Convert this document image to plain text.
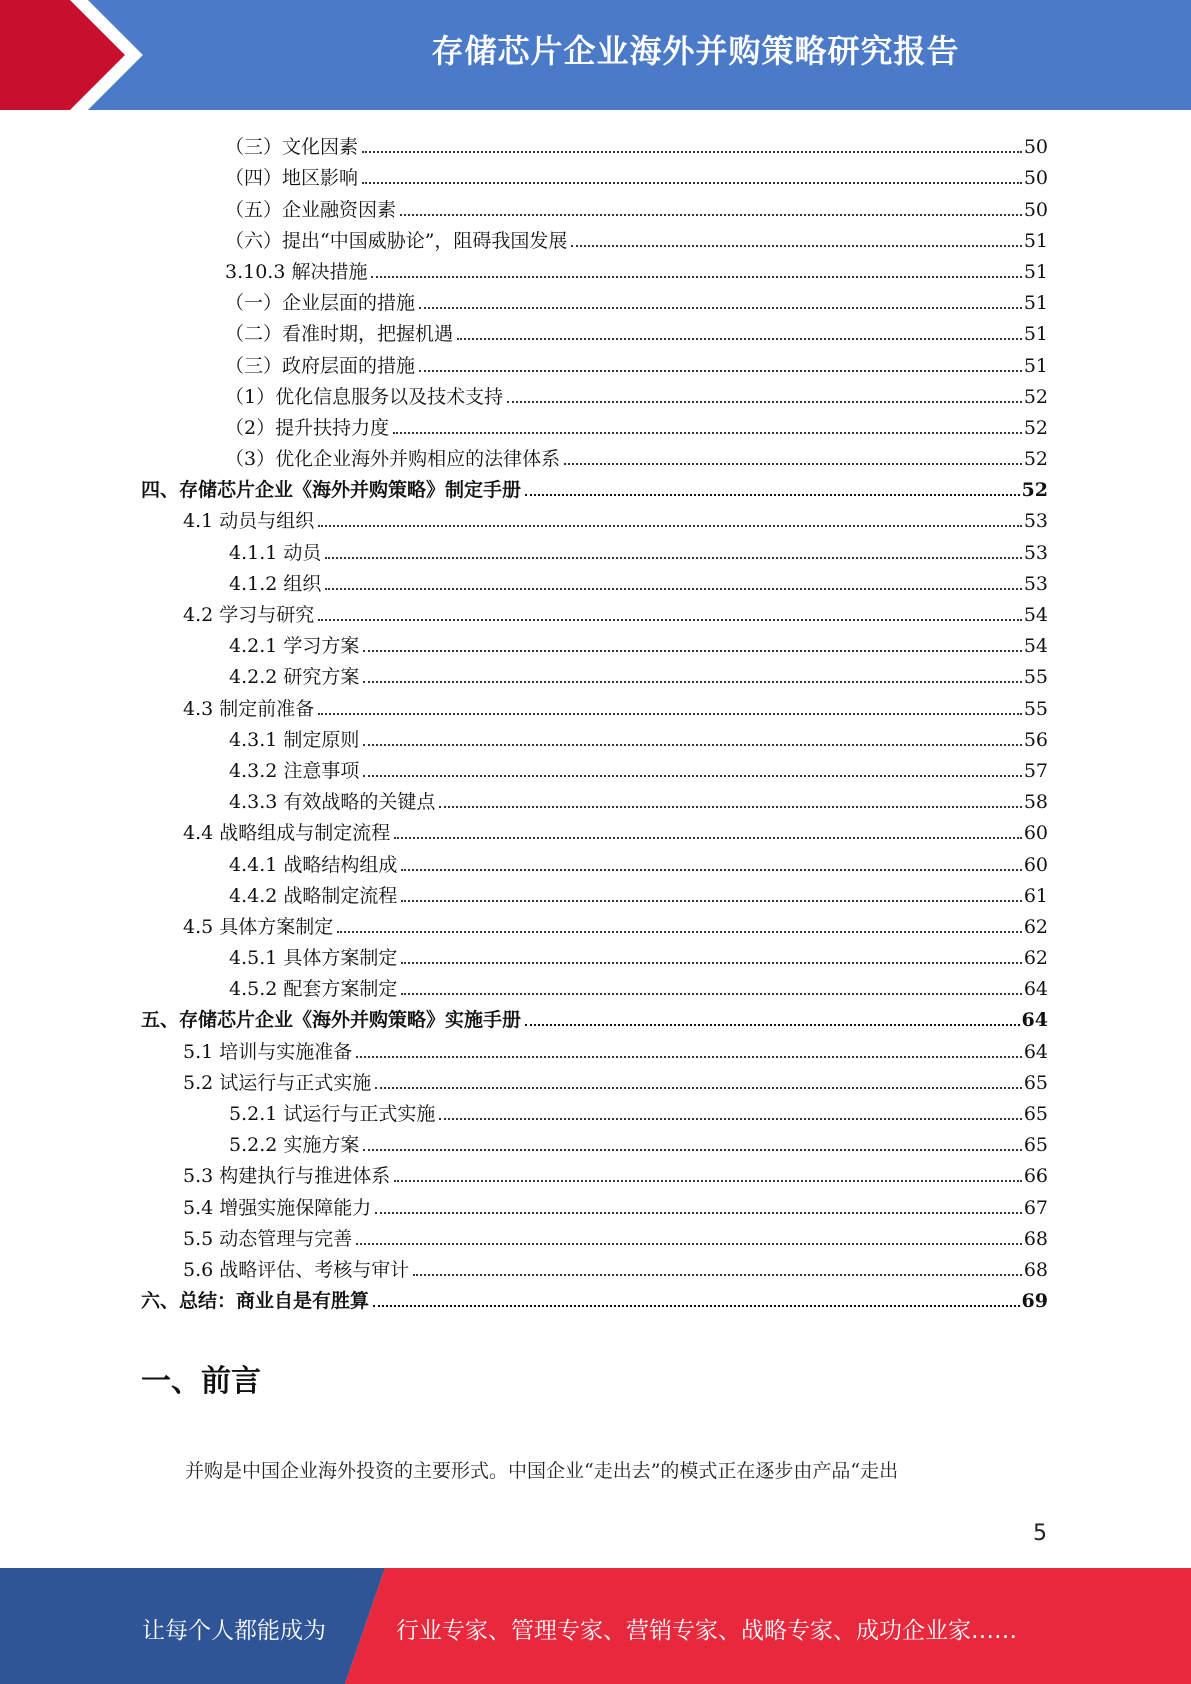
存储芯片企业海外并购策略研究报告
（三）文化因素	50
（四）地区影响	50
（五）企业融资因素	50
（六）提出“中国威胁论”，阻碍我国发展	51
3.10.3 解决措施	51
（一）企业层面的措施	51
（二）看准时期，把握机遇	51
（三）政府层面的措施	51
（1）优化信息服务以及技术支持	52
（2）提升扶持力度	52
（3）优化企业海外并购相应的法律体系	52
四、存储芯片企业《海外并购策略》制定手册	52
4.1 动员与组织	53
4.1.1 动员	53
4.1.2 组织	53
4.2 学习与研究	54
4.2.1 学习方案	54
4.2.2 研究方案	55
4.3 制定前准备	55
4.3.1 制定原则	56
4.3.2 注意事项	57
4.3.3 有效战略的关键点	58
4.4 战略组成与制定流程	60
4.4.1 战略结构组成	60
4.4.2 战略制定流程	61
4.5 具体方案制定	62
4.5.1 具体方案制定	62
4.5.2 配套方案制定	64
五、存储芯片企业《海外并购策略》实施手册	64
5.1 培训与实施准备	64
5.2 试运行与正式实施	65
5.2.1 试运行与正式实施	65
5.2.2 实施方案	65
5.3 构建执行与推进体系	66
5.4 增强实施保障能力	67
5.5 动态管理与完善	68
5.6 战略评估、考核与审计	68
六、总结：商业自是有胜算	69
一、前言
并购是中国企业海外投资的主要形式。中国企业“走出去”的模式正在逐步由产品“走出
5
让每个人都能成为	行业专家、管理专家、营销专家、战略专家、成功企业家……
